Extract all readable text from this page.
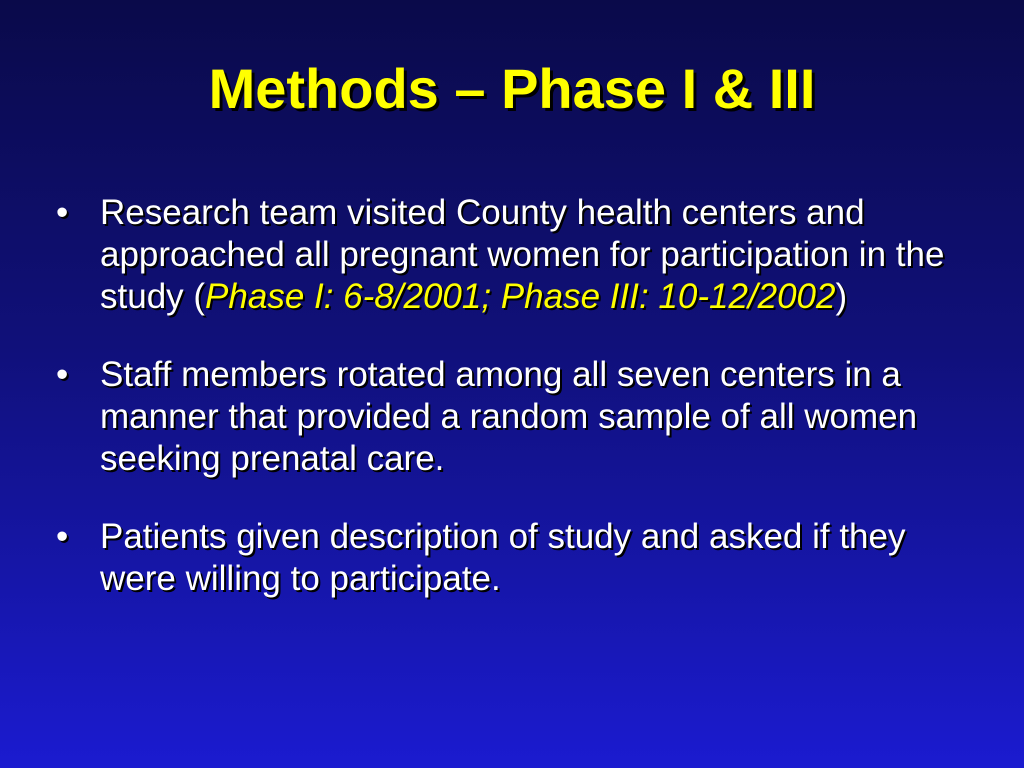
Methods – Phase I & III
• Research team visited County health centers and approached all pregnant women for participation in the study (Phase I: 6-8/2001; Phase III: 10-12/2002)
• Staff members rotated among all seven centers in a manner that provided a random sample of all women seeking prenatal care.
• Patients given description of study and asked if they were willing to participate.
